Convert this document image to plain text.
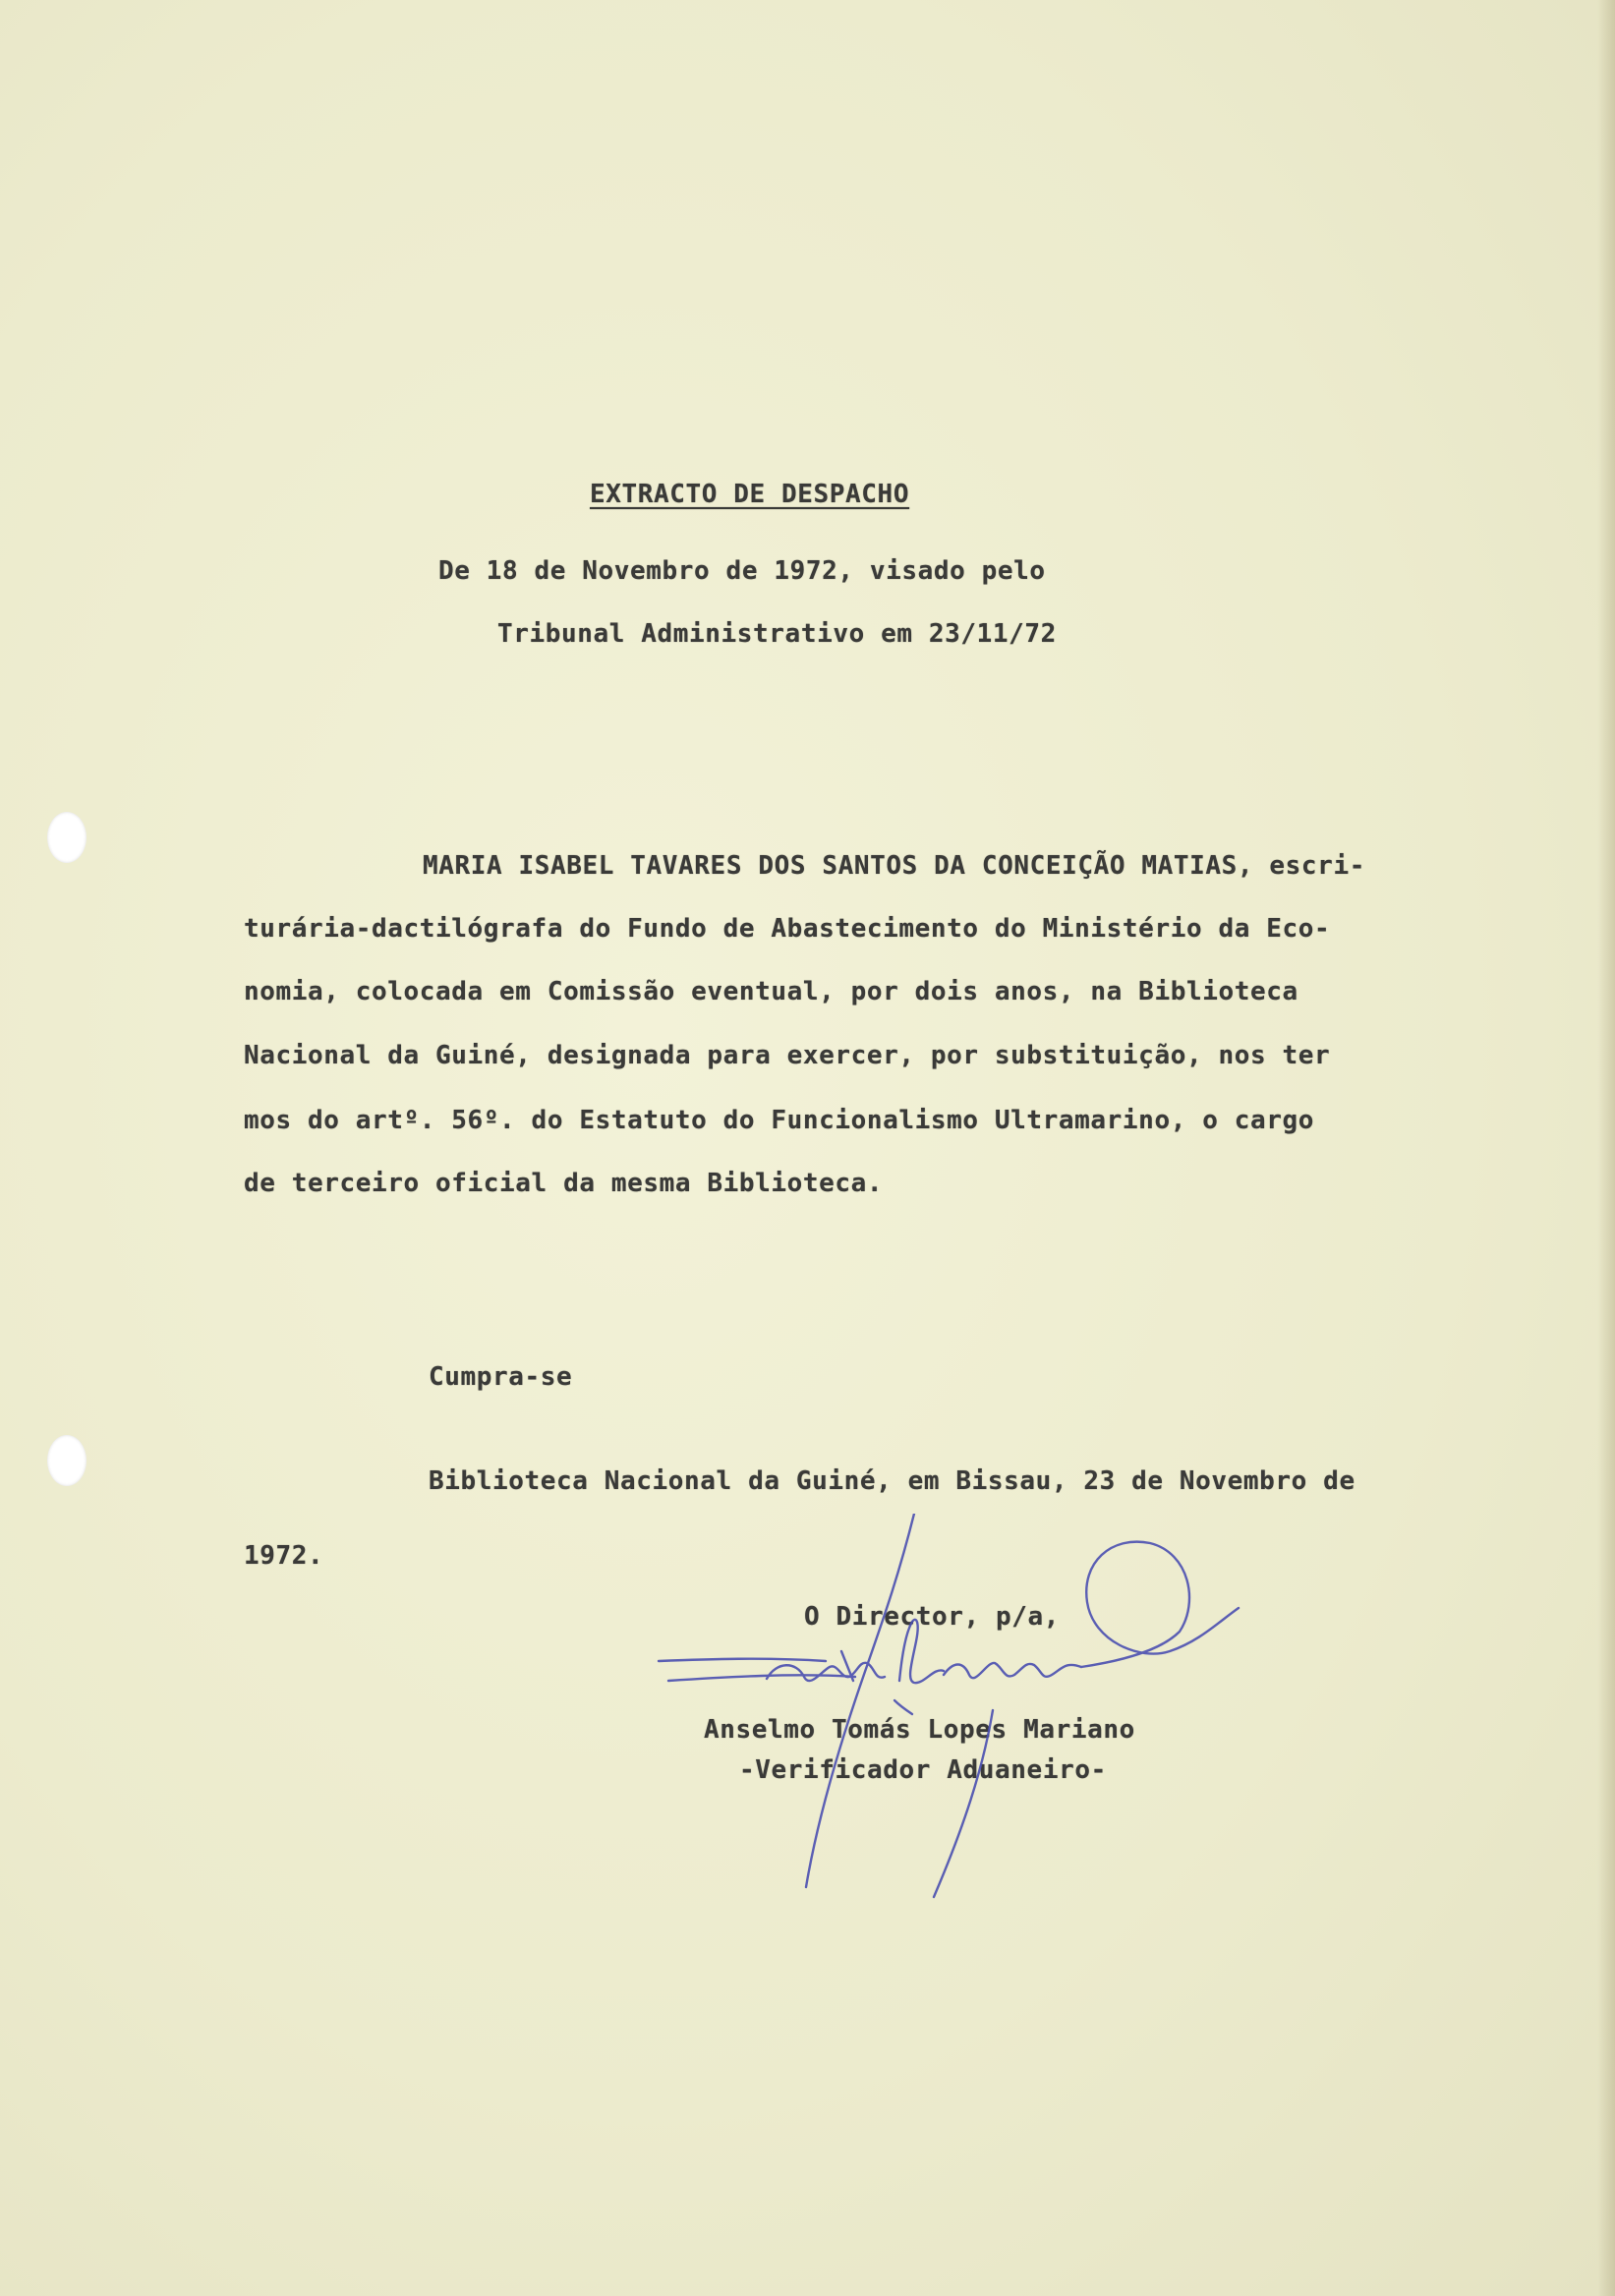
EXTRACTO DE DESPACHO
De 18 de Novembro de 1972, visado pelo
Tribunal Administrativo em 23/11/72
MARIA ISABEL TAVARES DOS SANTOS DA CONCEIÇÃO MATIAS, escri-
turária-dactilógrafa do Fundo de Abastecimento do Ministério da Eco-
nomia, colocada em Comissão eventual, por dois anos, na Biblioteca
Nacional da Guiné, designada para exercer, por substituição, nos ter
mos do artº. 56º. do Estatuto do Funcionalismo Ultramarino, o cargo
de terceiro oficial da mesma Biblioteca.
Cumpra-se
Biblioteca Nacional da Guiné, em Bissau, 23 de Novembro de
1972.
O Director, p/a,
Anselmo Tomás Lopes Mariano
-Verificador Aduaneiro-
